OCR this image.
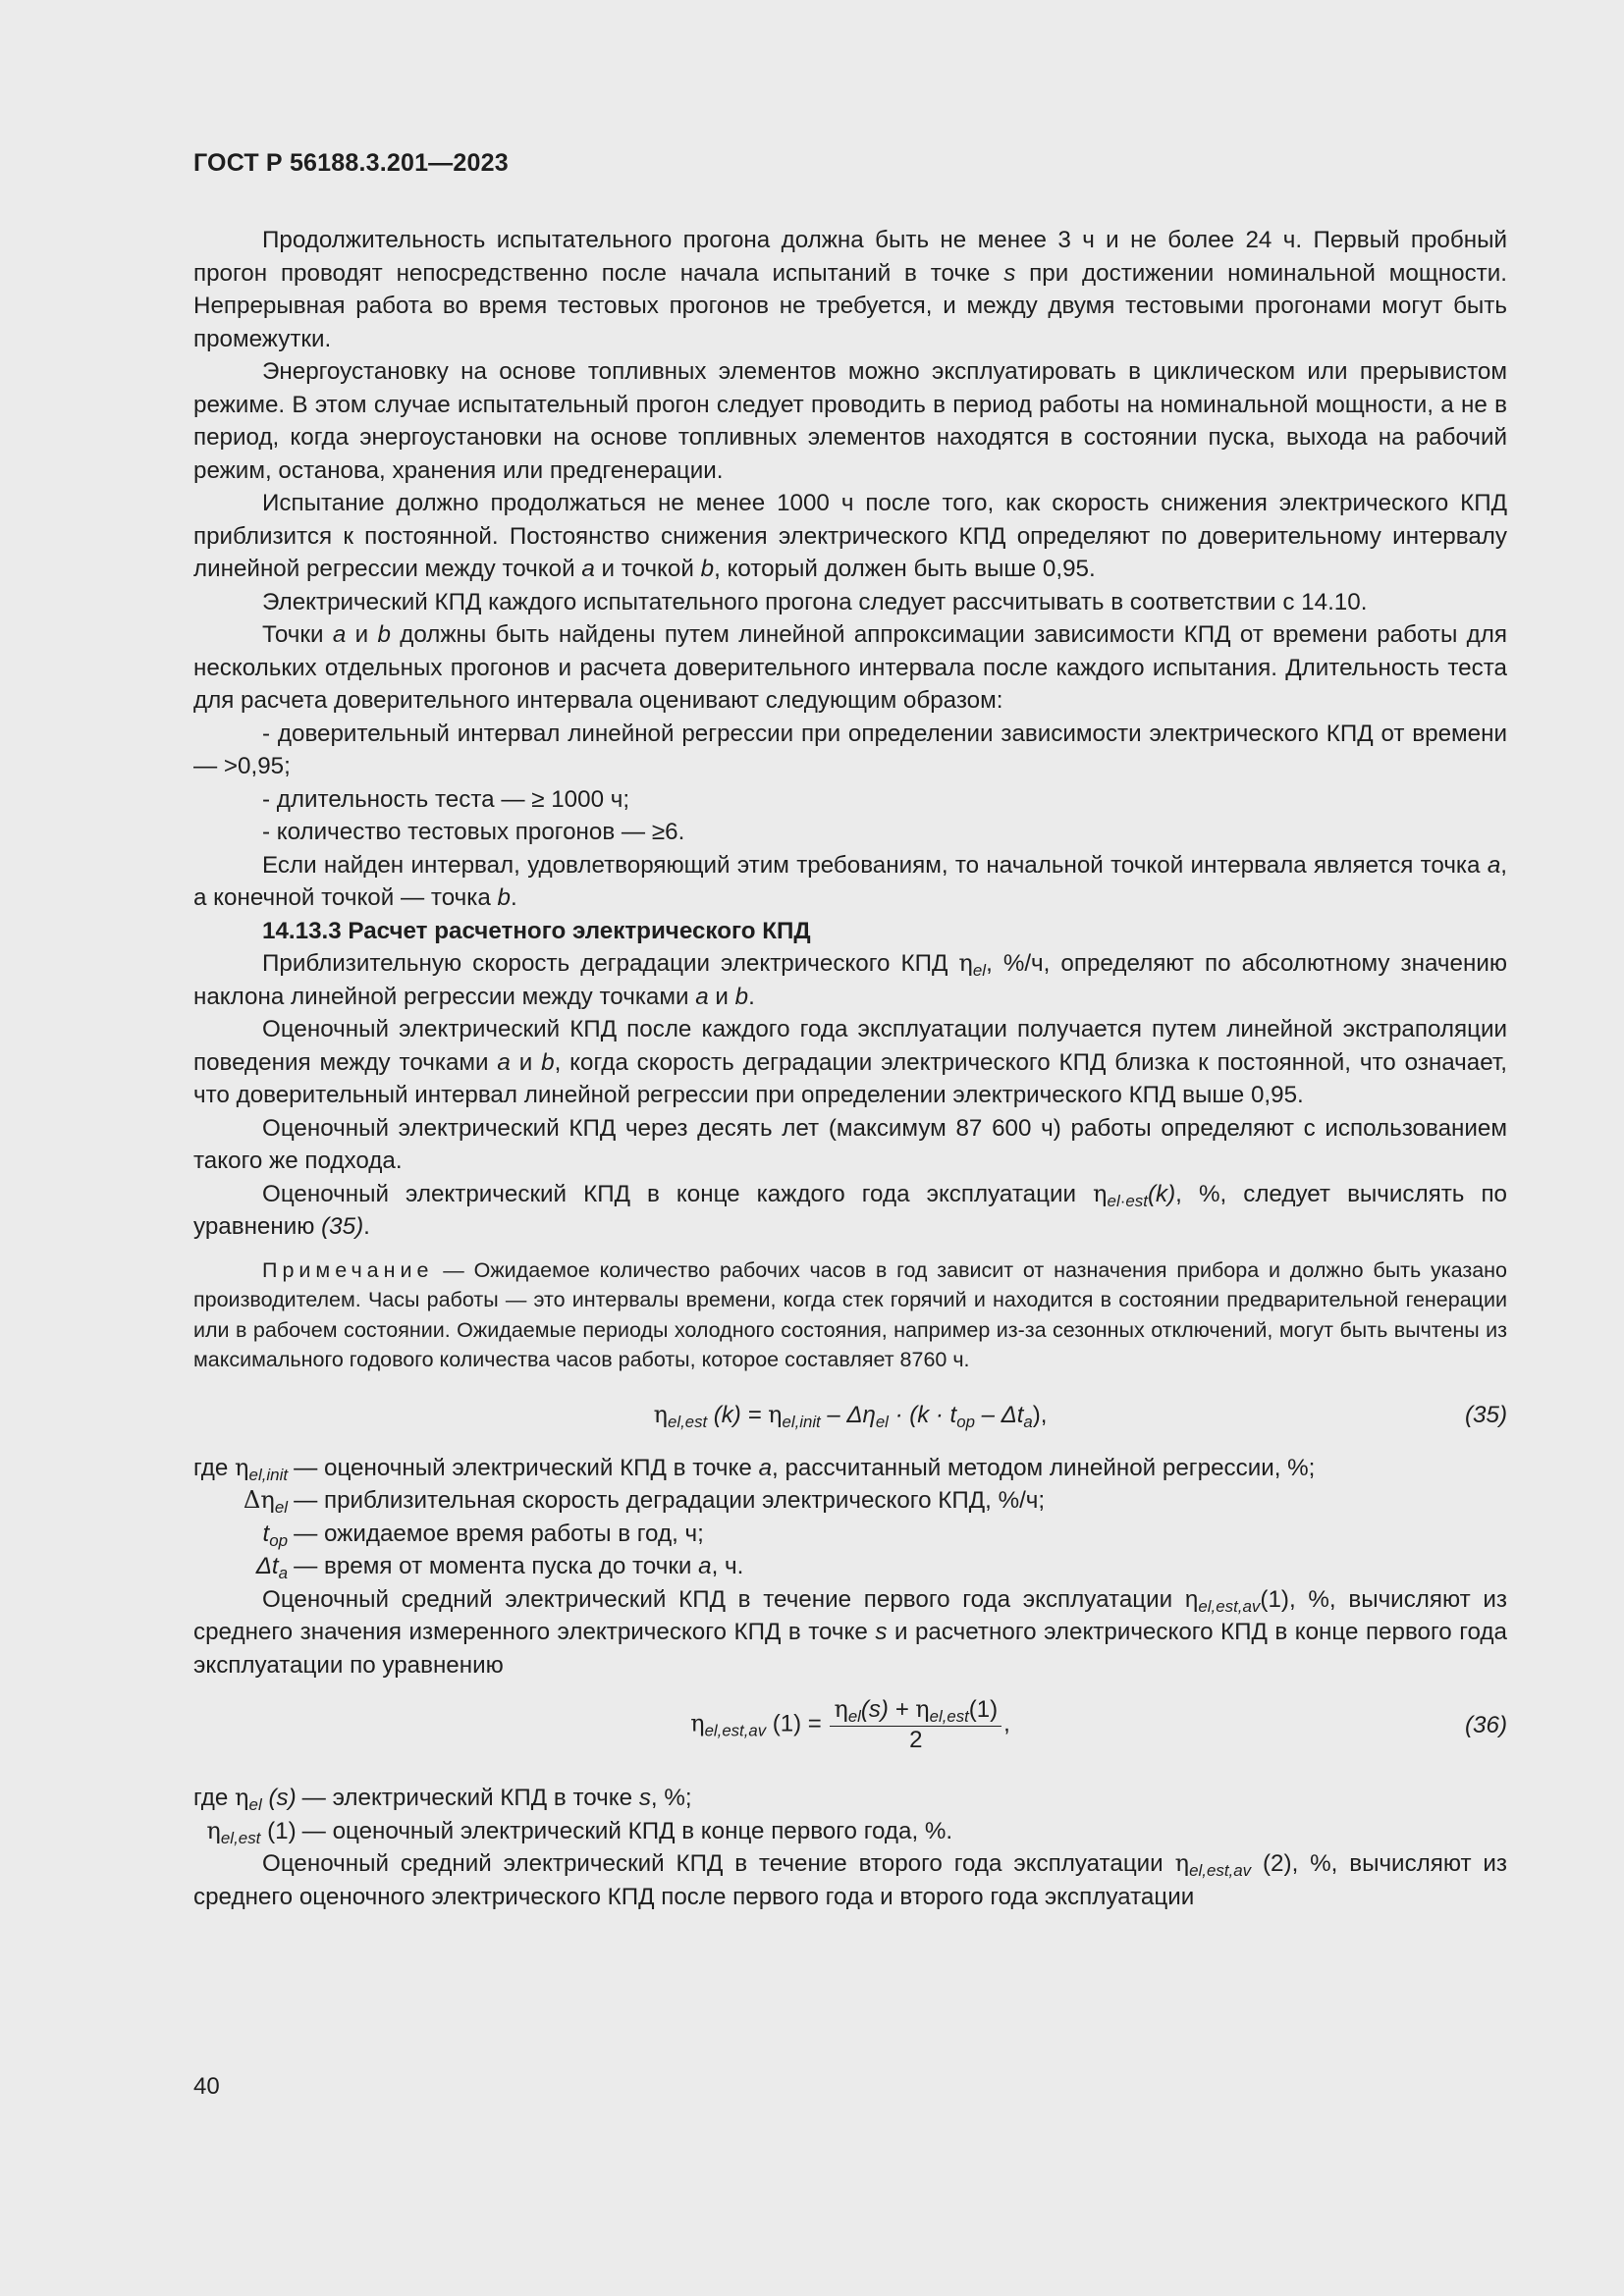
ГОСТ Р 56188.3.201—2023

Продолжительность испытательного прогона должна быть не менее 3 ч и не более 24 ч. Первый пробный прогон проводят непосредственно после начала испытаний в точке s при достижении номинальной мощности. Непрерывная работа во время тестовых прогонов не требуется, и между двумя тестовыми прогонами могут быть промежутки.

Энергоустановку на основе топливных элементов можно эксплуатировать в циклическом или прерывистом режиме. В этом случае испытательный прогон следует проводить в период работы на номинальной мощности, а не в период, когда энергоустановки на основе топливных элементов находятся в состоянии пуска, выхода на рабочий режим, останова, хранения или предгенерации.

Испытание должно продолжаться не менее 1000 ч после того, как скорость снижения электрического КПД приблизится к постоянной. Постоянство снижения электрического КПД определяют по доверительному интервалу линейной регрессии между точкой a и точкой b, который должен быть выше 0,95.

Электрический КПД каждого испытательного прогона следует рассчитывать в соответствии с 14.10.

Точки a и b должны быть найдены путем линейной аппроксимации зависимости КПД от времени работы для нескольких отдельных прогонов и расчета доверительного интервала после каждого испытания. Длительность теста для расчета доверительного интервала оценивают следующим образом:

- доверительный интервал линейной регрессии при определении зависимости электрического КПД от времени — >0,95;

- длительность теста — ≥ 1000 ч;

- количество тестовых прогонов — ≥6.

Если найден интервал, удовлетворяющий этим требованиям, то начальной точкой интервала является точка a, а конечной точкой — точка b.

14.13.3 Расчет расчетного электрического КПД

Приблизительную скорость деградации электрического КПД $\eta_{el}$, %/ч, определяют по абсолютному значению наклона линейной регрессии между точками a и b.

Оценочный электрический КПД после каждого года эксплуатации получается путем линейной экстраполяции поведения между точками a и b, когда скорость деградации электрического КПД близка к постоянной, что означает, что доверительный интервал линейной регрессии при определении электрического КПД выше 0,95.

Оценочный электрический КПД через десять лет (максимум 87 600 ч) работы определяют с использованием такого же подхода.

Оценочный электрический КПД в конце каждого года эксплуатации $\eta_{el\cdot est}(k)$, %, следует вычислять по уравнению (35).

Примечание — Ожидаемое количество рабочих часов в год зависит от назначения прибора и должно быть указано производителем. Часы работы — это интервалы времени, когда стек горячий и находится в состоянии предварительной генерации или в рабочем состоянии. Ожидаемые периоды холодного состояния, например из-за сезонных отключений, могут быть вычтены из максимального годового количества часов работы, которое составляет 8760 ч.

$\eta_{el,est}$ $(k) = \eta_{el,init} - \Delta\eta_{el} \cdot (k \cdot t_{op} - \Delta t_a)$,	(35)
где $\eta_{el,init}$	— оценочный электрический КПД в точке a, рассчитанный методом линейной регрессии, %;
$\Delta\eta_{el}$	— приблизительная скорость деградации электрического КПД, %/ч;
$t_{op}$	— ожидаемое время работы в год, ч;
$\Delta t_a$	— время от момента пуска до точки a, ч.

Оценочный средний электрический КПД в течение первого года эксплуатации $\eta_{el,est,av}(1)$, %, вычисляют из среднего значения измеренного электрического КПД в точке s и расчетного электрического КПД в конце первого года эксплуатации по уравнению

$\eta_{el,est,av}$ $(1) = \frac{\eta_{el}(s) + \eta_{el,est}(1)}{2}$ ,	(36)
где $\eta_{el}$ (s)	— электрический КПД в точке s, %;
$\eta_{el,est}$ (1)	— оценочный электрический КПД в конце первого года, %.

Оценочный средний электрический КПД в течение второго года эксплуатации $\eta_{el,est,av}$ (2), %, вычисляют из среднего оценочного электрического КПД после первого года и второго года эксплуатации

40
